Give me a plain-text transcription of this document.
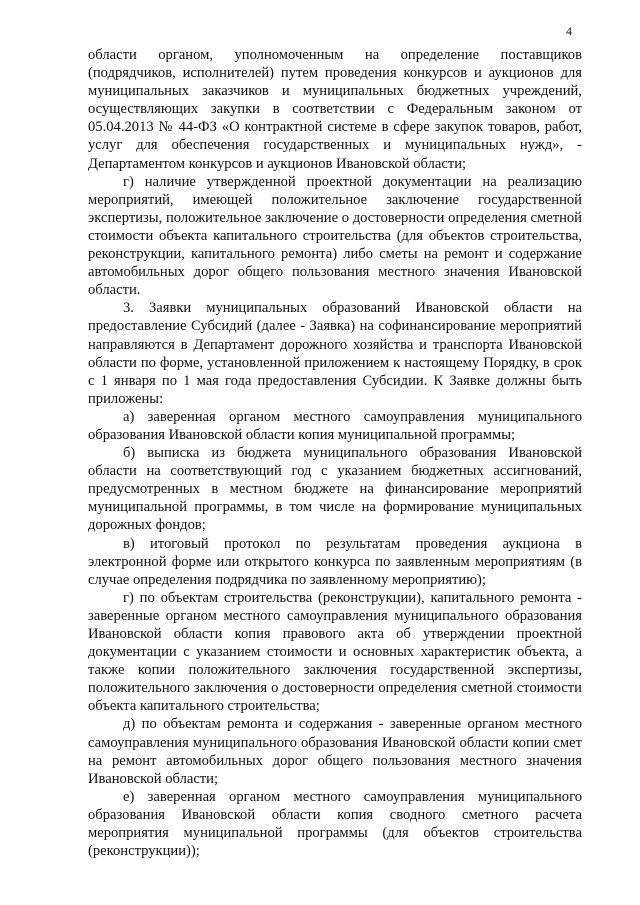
4

области органом, уполномоченным на определение поставщиков (подрядчиков, исполнителей) путем проведения конкурсов и аукционов для муниципальных заказчиков и муниципальных бюджетных учреждений, осуществляющих закупки в соответствии с Федеральным законом от 05.04.2013 № 44-ФЗ «О контрактной системе в сфере закупок товаров, работ, услуг для обеспечения государственных и муниципальных нужд», - Департаментом конкурсов и аукционов Ивановской области;

г) наличие утвержденной проектной документации на реализацию мероприятий, имеющей положительное заключение государственной экспертизы, положительное заключение о достоверности определения сметной стоимости объекта капитального строительства (для объектов строительства, реконструкции, капитального ремонта) либо сметы на ремонт и содержание автомобильных дорог общего пользования местного значения Ивановской области.

3. Заявки муниципальных образований Ивановской области на предоставление Субсидий (далее - Заявка) на софинансирование мероприятий направляются в Департамент дорожного хозяйства и транспорта Ивановской области по форме, установленной приложением к настоящему Порядку, в срок с 1 января по 1 мая года предоставления Субсидии. К Заявке должны быть приложены:

а) заверенная органом местного самоуправления муниципального образования Ивановской области копия муниципальной программы;

б) выписка из бюджета муниципального образования Ивановской области на соответствующий год с указанием бюджетных ассигнований, предусмотренных в местном бюджете на финансирование мероприятий муниципальной программы, в том числе на формирование муниципальных дорожных фондов;

в) итоговый протокол по результатам проведения аукциона в электронной форме или открытого конкурса по заявленным мероприятиям (в случае определения подрядчика по заявленному мероприятию);

г) по объектам строительства (реконструкции), капитального ремонта - заверенные органом местного самоуправления муниципального образования Ивановской области копия правового акта об утверждении проектной документации с указанием стоимости и основных характеристик объекта, а также копии положительного заключения государственной экспертизы, положительного заключения о достоверности определения сметной стоимости объекта капитального строительства;

д) по объектам ремонта и содержания - заверенные органом местного самоуправления муниципального образования Ивановской области копии смет на ремонт автомобильных дорог общего пользования местного значения Ивановской области;

е) заверенная органом местного самоуправления муниципального образования Ивановской области копия сводного сметного расчета мероприятия муниципальной программы (для объектов строительства (реконструкции));
